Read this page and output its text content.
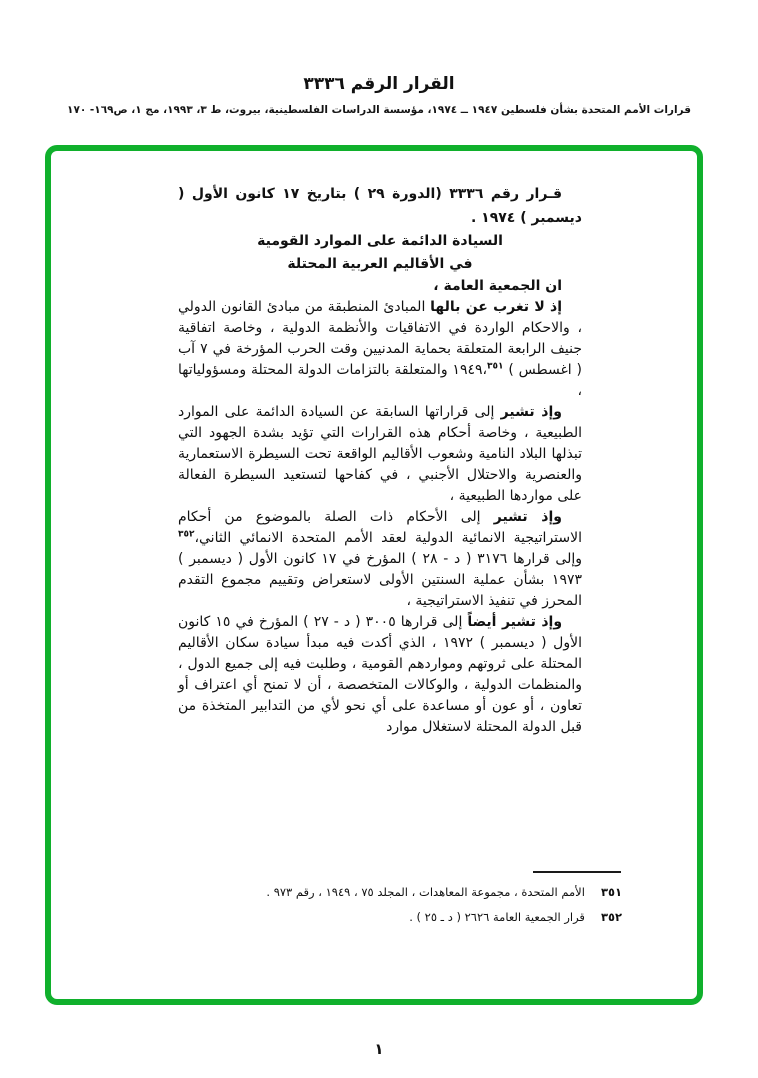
القرار الرقم ٣٣٣٦
قرارات الأمم المتحدة بشأن فلسطين ١٩٤٧ ــ ١٩٧٤، مؤسسة الدراسات الفلسطينية، بيروت، ط ٣، ١٩٩٣، مج ١، ص١٦٩- ١٧٠

قـرار رقم ٣٣٣٦ (الدورة ٢٩ ) بتاريخ ١٧ كانون الأول ( ديسمبر ) ١٩٧٤ .

السيادة الدائمة على الموارد القومية

في الأقاليم العربية المحتلة

ان الجمعية العامة ،

إذ لا تغرب عن بالها المبادئ المنطبقة من مبادئ القانون الدولي ، والاحكام الواردة في الاتفاقيات والأنظمة الدولية ، وخاصة اتفاقية جنيف الرابعة المتعلقة بحماية المدنيين وقت الحرب المؤرخة في ٧ آب ( اغسطس ) ١٩٤٩،$^{٣٥١}$ والمتعلقة بالتزامات الدولة المحتلة ومسؤولياتها ،

وإذ تشير إلى قراراتها السابقة عن السيادة الدائمة على الموارد الطبيعية ، وخاصة أحكام هذه القرارات التي تؤيد بشدة الجهود التي تبذلها البلاد النامية وشعوب الأقاليم الواقعة تحت السيطرة الاستعمارية والعنصرية والاحتلال الأجنبي ، في كفاحها لتستعيد السيطرة الفعالة على مواردها الطبيعية ،

وإذ تشير إلى الأحكام ذات الصلة بالموضوع من أحكام الاستراتيجية الانمائية الدولية لعقد الأمم المتحدة الانمائي الثاني،$^{٣٥٢}$ وإلى قرارها ٣١٧٦ ( د - ٢٨ ) المؤرخ في ١٧ كانون الأول ( ديسمبر ) ١٩٧٣ بشأن عملية السنتين الأولى لاستعراض وتقييم مجموع التقدم المحرز في تنفيذ الاستراتيجية ،

وإذ تشير أيضاً إلى قرارها ٣٠٠٥ ( د - ٢٧ ) المؤرخ في ١٥ كانون الأول ( ديسمبر ) ١٩٧٢ ، الذي أكدت فيه مبدأ سيادة سكان الأقاليم المحتلة على ثروتهم ومواردهم القومية ، وطلبت فيه إلى جميع الدول ، والمنظمات الدولية ، والوكالات المتخصصة ، أن لا تمنح أي اعتراف أو تعاون ، أو عون أو مساعدة على أي نحو لأي من التدابير المتخذة من قبل الدولة المحتلة لاستغلال موارد

٣٥١
الأمم المتحدة ، مجموعة المعاهدات ، المجلد ٧٥ ، ١٩٤٩ ، رقم ٩٧٣ .
٣٥٢
قرار الجمعية العامة ٢٦٢٦ ( د ـ ٢٥ ) .
١
